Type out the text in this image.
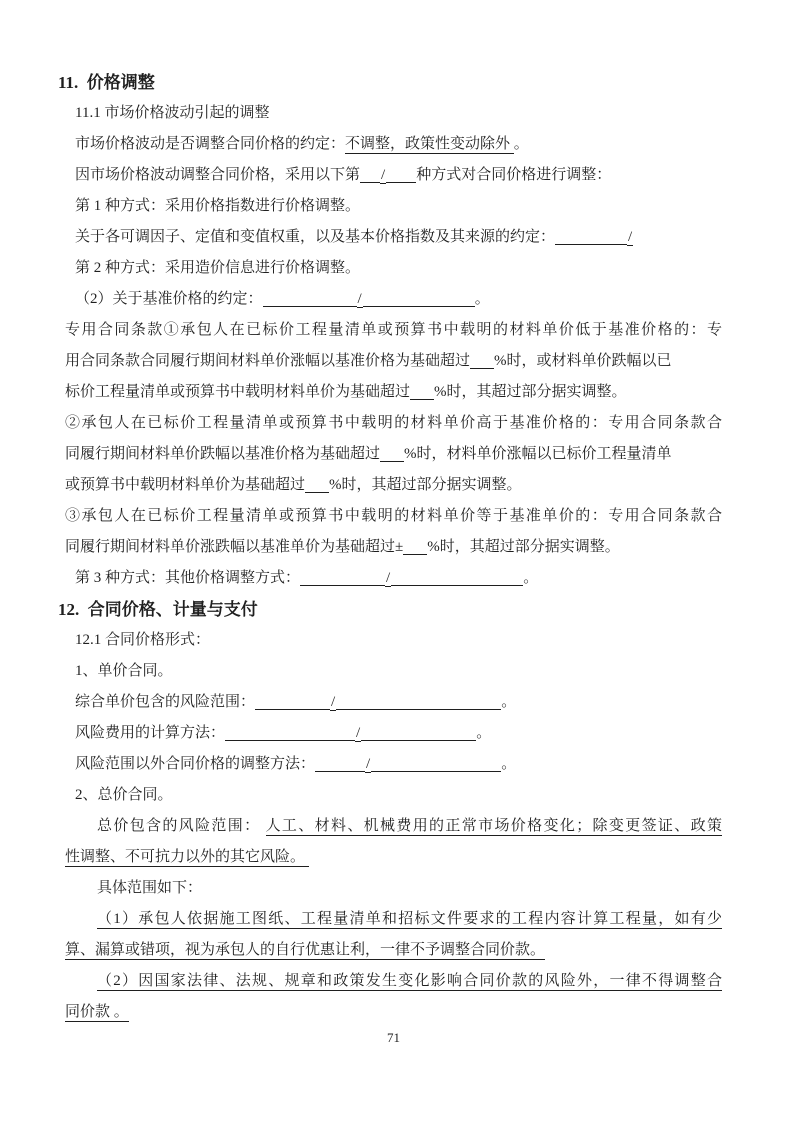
11.  价格调整
11.1 市场价格波动引起的调整
市场价格波动是否调整合同价格的约定：不调整，政策性变动除外 。
因市场价格波动调整合同价格，采用以下第 / 种方式对合同价格进行调整：
第 1 种方式：采用价格指数进行价格调整。
关于各可调因子、定值和变值权重，以及基本价格指数及其来源的约定：	/
第 2 种方式：采用造价信息进行价格调整。
（2）关于基准价格的约定：	/	。
专用合同条款①承包人在已标价工程量清单或预算书中载明的材料单价低于基准价格的：专
用合同条款合同履行期间材料单价涨幅以基准价格为基础超过 %时，或材料单价跌幅以已
标价工程量清单或预算书中载明材料单价为基础超过 %时，其超过部分据实调整。
②承包人在已标价工程量清单或预算书中载明的材料单价高于基准价格的：专用合同条款合
同履行期间材料单价跌幅以基准价格为基础超过 %时，材料单价涨幅以已标价工程量清单
或预算书中载明材料单价为基础超过 %时，其超过部分据实调整。
③承包人在已标价工程量清单或预算书中载明的材料单价等于基准单价的：专用合同条款合
同履行期间材料单价涨跌幅以基准单价为基础超过± %时，其超过部分据实调整。
第 3 种方式：其他价格调整方式：	/	。
12.  合同价格、计量与支付
12.1 合同价格形式：
1、单价合同。
综合单价包含的风险范围：	/	。
风险费用的计算方法：	/	。
风险范围以外合同价格的调整方法：	/	。
2、总价合同。
总价包含的风险范围： 人工、材料、机械费用的正常市场价格变化；除变更签证、政策
性调整、不可抗力以外的其它风险。
具体范围如下：
（1）承包人依据施工图纸、工程量清单和招标文件要求的工程内容计算工程量，如有少
算、漏算或错项，视为承包人的自行优惠让利，一律不予调整合同价款。
（2）因国家法律、法规、规章和政策发生变化影响合同价款的风险外，一律不得调整合
同价款 。
71
